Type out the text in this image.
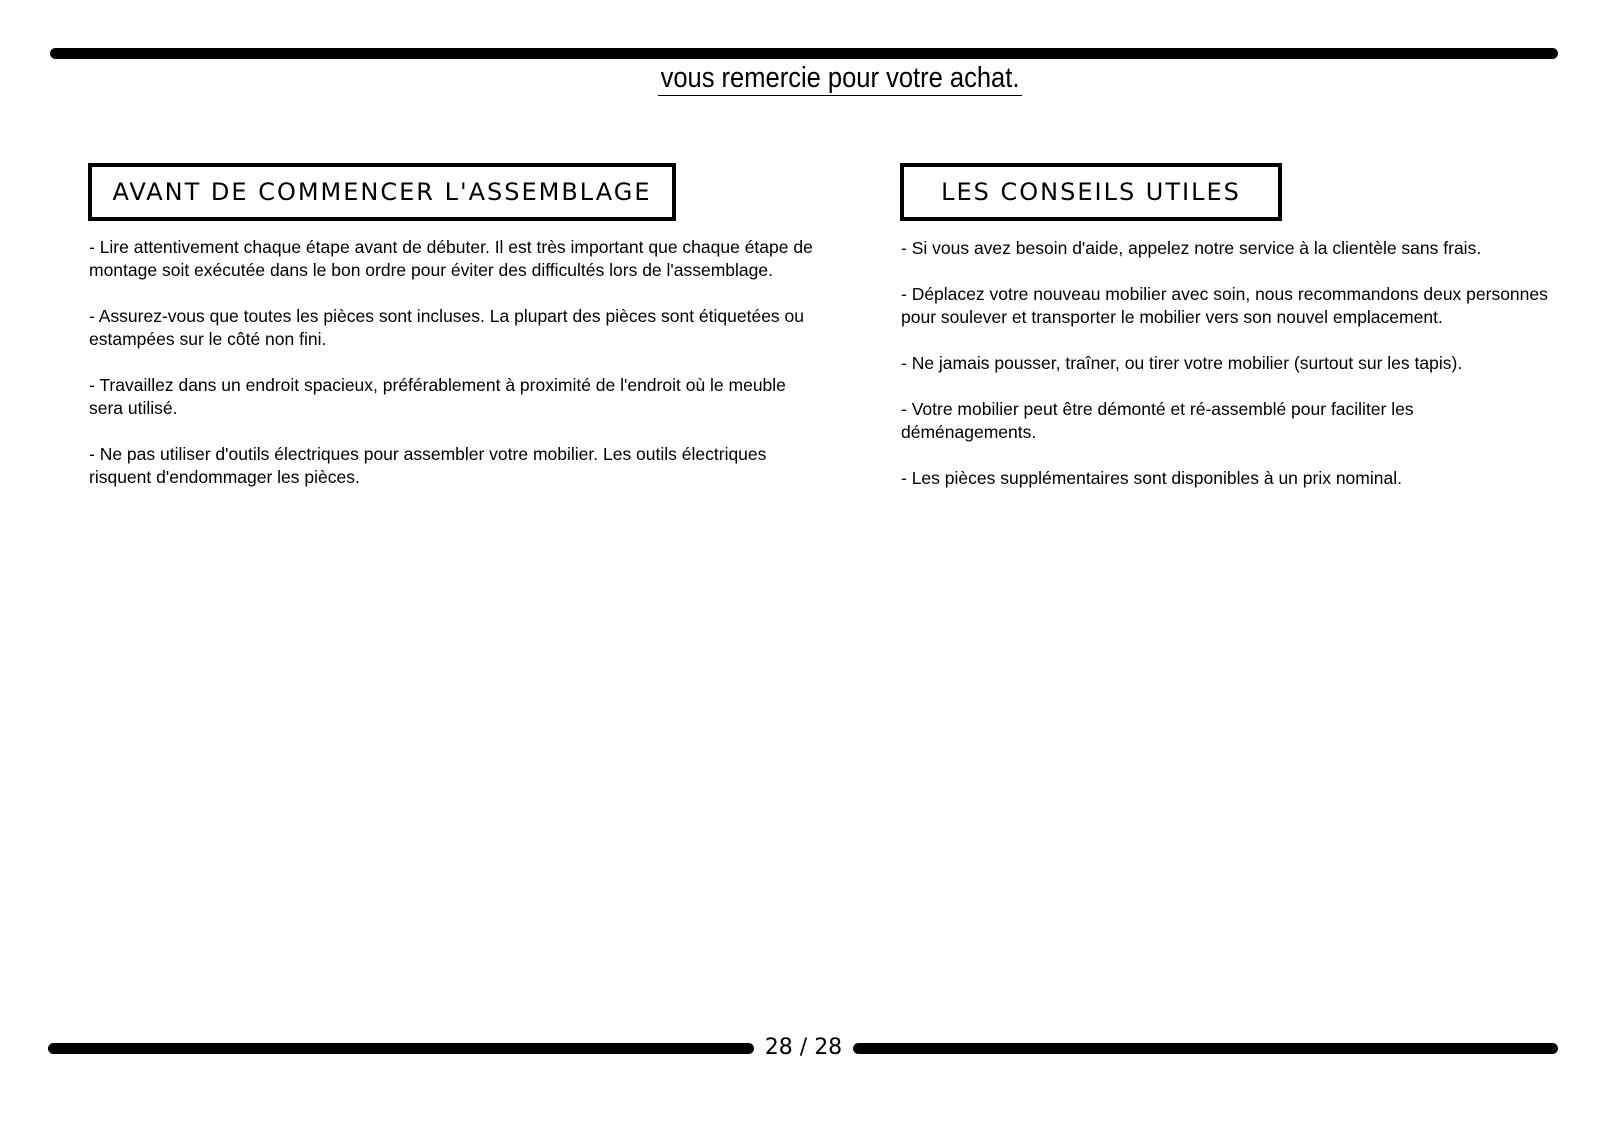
vous remercie pour votre achat.
AVANT DE COMMENCER L'ASSEMBLAGE	LES CONSEILS UTILES

- Lire attentivement chaque étape avant de débuter. Il est très important que chaque étape de montage soit exécutée dans le bon ordre pour éviter des difficultés lors de l'assemblage.

- Assurez-vous que toutes les pièces sont incluses. La plupart des pièces sont étiquetées ou estampées sur le côté non fini.

- Travaillez dans un endroit spacieux, préférablement à proximité de l'endroit où le meuble sera utilisé.

- Ne pas utiliser d'outils électriques pour assembler votre mobilier. Les outils électriques risquent d'endommager les pièces.

- Si vous avez besoin d'aide, appelez notre service à la clientèle sans frais.

- Déplacez votre nouveau mobilier avec soin, nous recommandons deux personnes pour soulever et transporter le mobilier vers son nouvel emplacement.

- Ne jamais pousser, traîner, ou tirer votre mobilier (surtout sur les tapis).

- Votre mobilier peut être démonté et ré-assemblé pour faciliter les déménagements.

- Les pièces supplémentaires sont disponibles à un prix nominal.

28 / 28
